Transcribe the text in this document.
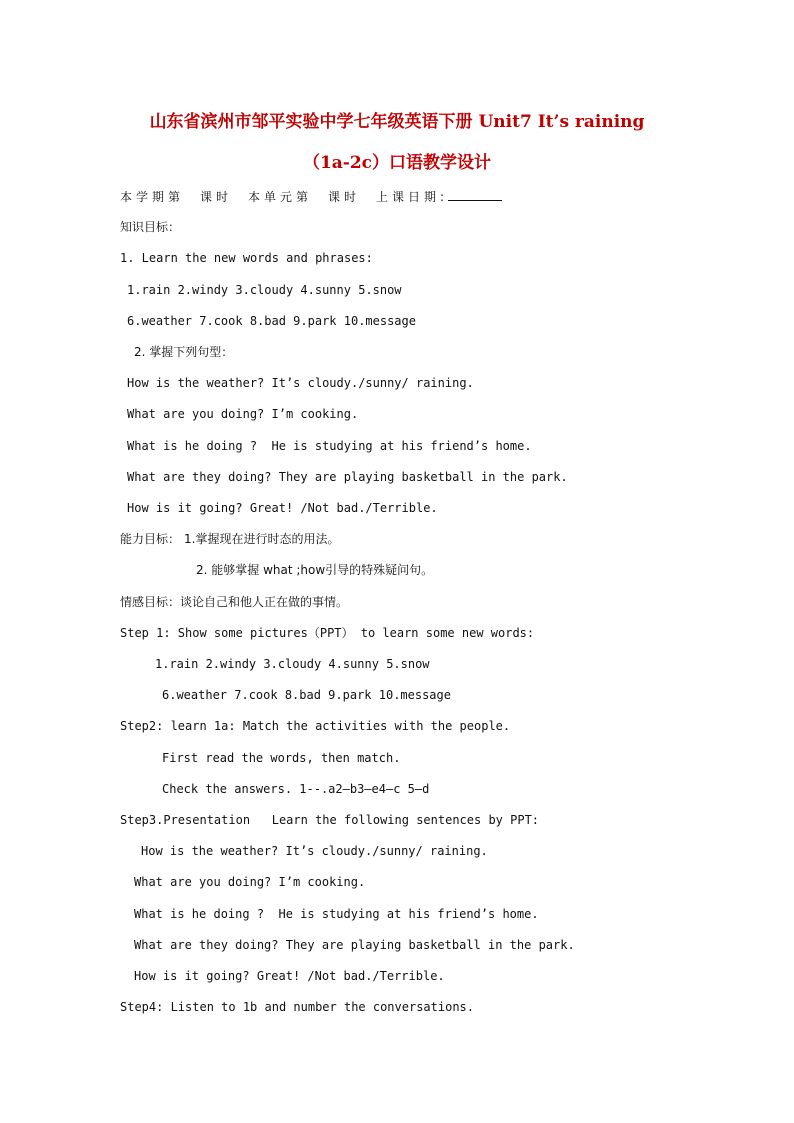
山东省滨州市邹平实验中学七年级英语下册 Unit7 It’s raining
（1a-2c）口语教学设计
本学期第　课时　本单元第　课时　上课日期:
知识目标：
1. Learn the new words and phrases:
1.rain 2.windy 3.cloudy 4.sunny 5.snow
6.weather 7.cook 8.bad 9.park 10.message
2. 掌握下列句型：
How is the weather? It’s cloudy./sunny/ raining.
What are you doing? I’m cooking.
What is he doing ?  He is studying at his friend’s home.
What are they doing? They are playing basketball in the park.
How is it going? Great! /Not bad./Terrible.
能力目标： 1.掌握现在进行时态的用法。
2. 能够掌握 what ;how引导的特殊疑问句。
情感目标：谈论自己和他人正在做的事情。
Step 1: Show some pictures（PPT） to learn some new words:
1.rain 2.windy 3.cloudy 4.sunny 5.snow
6.weather 7.cook 8.bad 9.park 10.message
Step2: learn 1a: Match the activities with the people.
First read the words, then match.
Check the answers. 1--.a2—b3—e4—c 5—d
Step3.Presentation   Learn the following sentences by PPT:
How is the weather? It’s cloudy./sunny/ raining.
What are you doing? I’m cooking.
What is he doing ?  He is studying at his friend’s home.
What are they doing? They are playing basketball in the park.
How is it going? Great! /Not bad./Terrible.
Step4: Listen to 1b and number the conversations.
